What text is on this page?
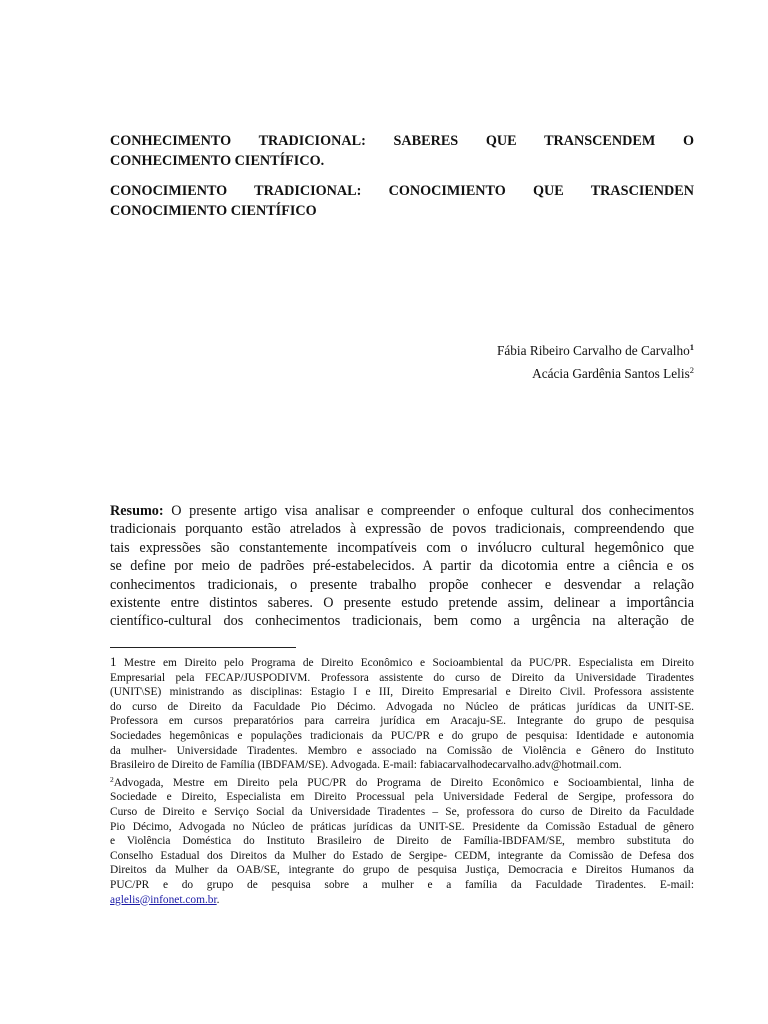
CONHECIMENTO TRADICIONAL: SABERES QUE TRANSCENDEM O
CONHECIMENTO CIENTÍFICO.
CONOCIMIENTO TRADICIONAL: CONOCIMIENTO QUE TRASCIENDEN
CONOCIMIENTO CIENTÍFICO
Fábia Ribeiro Carvalho de Carvalho$^1$
Acácia Gardênia Santos Lelis$^2$

Resumo: O presente artigo visa analisar e compreender o enfoque cultural dos conhecimentos
tradicionais porquanto estão atrelados à expressão de povos tradicionais, compreendendo que
tais expressões são constantemente incompatíveis com o invólucro cultural hegemônico que
se define por meio de padrões pré-estabelecidos. A partir da dicotomia entre a ciência e os
conhecimentos tradicionais, o presente trabalho propõe conhecer e desvendar a relação
existente entre distintos saberes. O presente estudo pretende assim, delinear a importância
científico-cultural dos conhecimentos tradicionais, bem como a urgência na alteração de

1 Mestre em Direito pelo Programa de Direito Econômico e Socioambiental da PUC/PR. Especialista em Direito
Empresarial pela FECAP/JUSPODIVM. Professora assistente do curso de Direito da Universidade Tiradentes
(UNIT\SE) ministrando as disciplinas: Estagio I e III, Direito Empresarial e Direito Civil. Professora assistente
do curso de Direito da Faculdade Pio Décimo. Advogada no Núcleo de práticas jurídicas da UNIT-SE.
Professora em cursos preparatórios para carreira jurídica em Aracaju-SE. Integrante do grupo de pesquisa
Sociedades hegemônicas e populações tradicionais da PUC/PR e do grupo de pesquisa: Identidade e autonomia
da mulher- Universidade Tiradentes. Membro e associado na Comissão de Violência e Gênero do Instituto
Brasileiro de Direito de Família (IBDFAM/SE). Advogada. E-mail: fabiacarvalhodecarvalho.adv@hotmail.com.
$^2$Advogada, Mestre em Direito pela PUC/PR do Programa de Direito Econômico e Socioambiental, linha de
Sociedade e Direito, Especialista em Direito Processual pela Universidade Federal de Sergipe, professora do
Curso de Direito e Serviço Social da Universidade Tiradentes – Se, professora do curso de Direito da Faculdade
Pio Décimo, Advogada no Núcleo de práticas jurídicas da UNIT-SE. Presidente da Comissão Estadual de gênero
e Violência Doméstica do Instituto Brasileiro de Direito de Família-IBDFAM/SE, membro substituta do
Conselho Estadual dos Direitos da Mulher do Estado de Sergipe- CEDM, integrante da Comissão de Defesa dos
Direitos da Mulher da OAB/SE, integrante do grupo de pesquisa Justiça, Democracia e Direitos Humanos da
PUC/PR e do grupo de pesquisa sobre a mulher e a família da Faculdade Tiradentes. E-mail:
aglelis@infonet.com.br.
